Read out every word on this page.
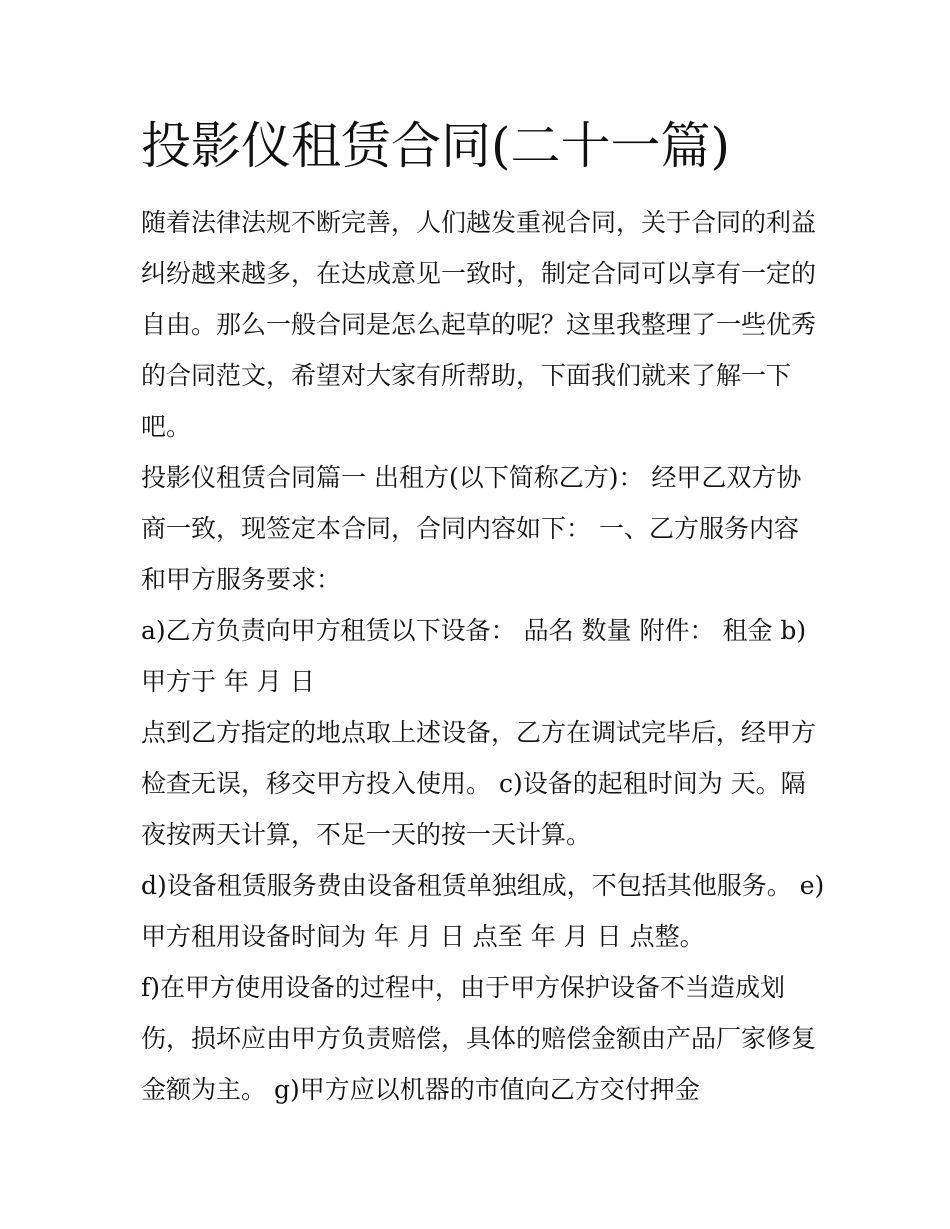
投影仪租赁合同(二十一篇)

随着法律法规不断完善，人们越发重视合同，关于合同的利益

纠纷越来越多，在达成意见一致时，制定合同可以享有一定的

自由。那么一般合同是怎么起草的呢？这里我整理了一些优秀

的合同范文，希望对大家有所帮助，下面我们就来了解一下

吧。

投影仪租赁合同篇一 出租方(以下简称乙方)： 经甲乙双方协

商一致，现签定本合同，合同内容如下： 一、乙方服务内容

和甲方服务要求：

a)乙方负责向甲方租赁以下设备： 品名 数量 附件： 租金 b)

甲方于 年 月 日

点到乙方指定的地点取上述设备，乙方在调试完毕后，经甲方

检查无误，移交甲方投入使用。 c)设备的起租时间为 天。隔

夜按两天计算，不足一天的按一天计算。

d)设备租赁服务费由设备租赁单独组成，不包括其他服务。 e)

甲方租用设备时间为 年 月 日 点至 年 月 日 点整。

f)在甲方使用设备的过程中，由于甲方保护设备不当造成划

伤，损坏应由甲方负责赔偿，具体的赔偿金额由产品厂家修复

金额为主。 g)甲方应以机器的市值向乙方交付押金
